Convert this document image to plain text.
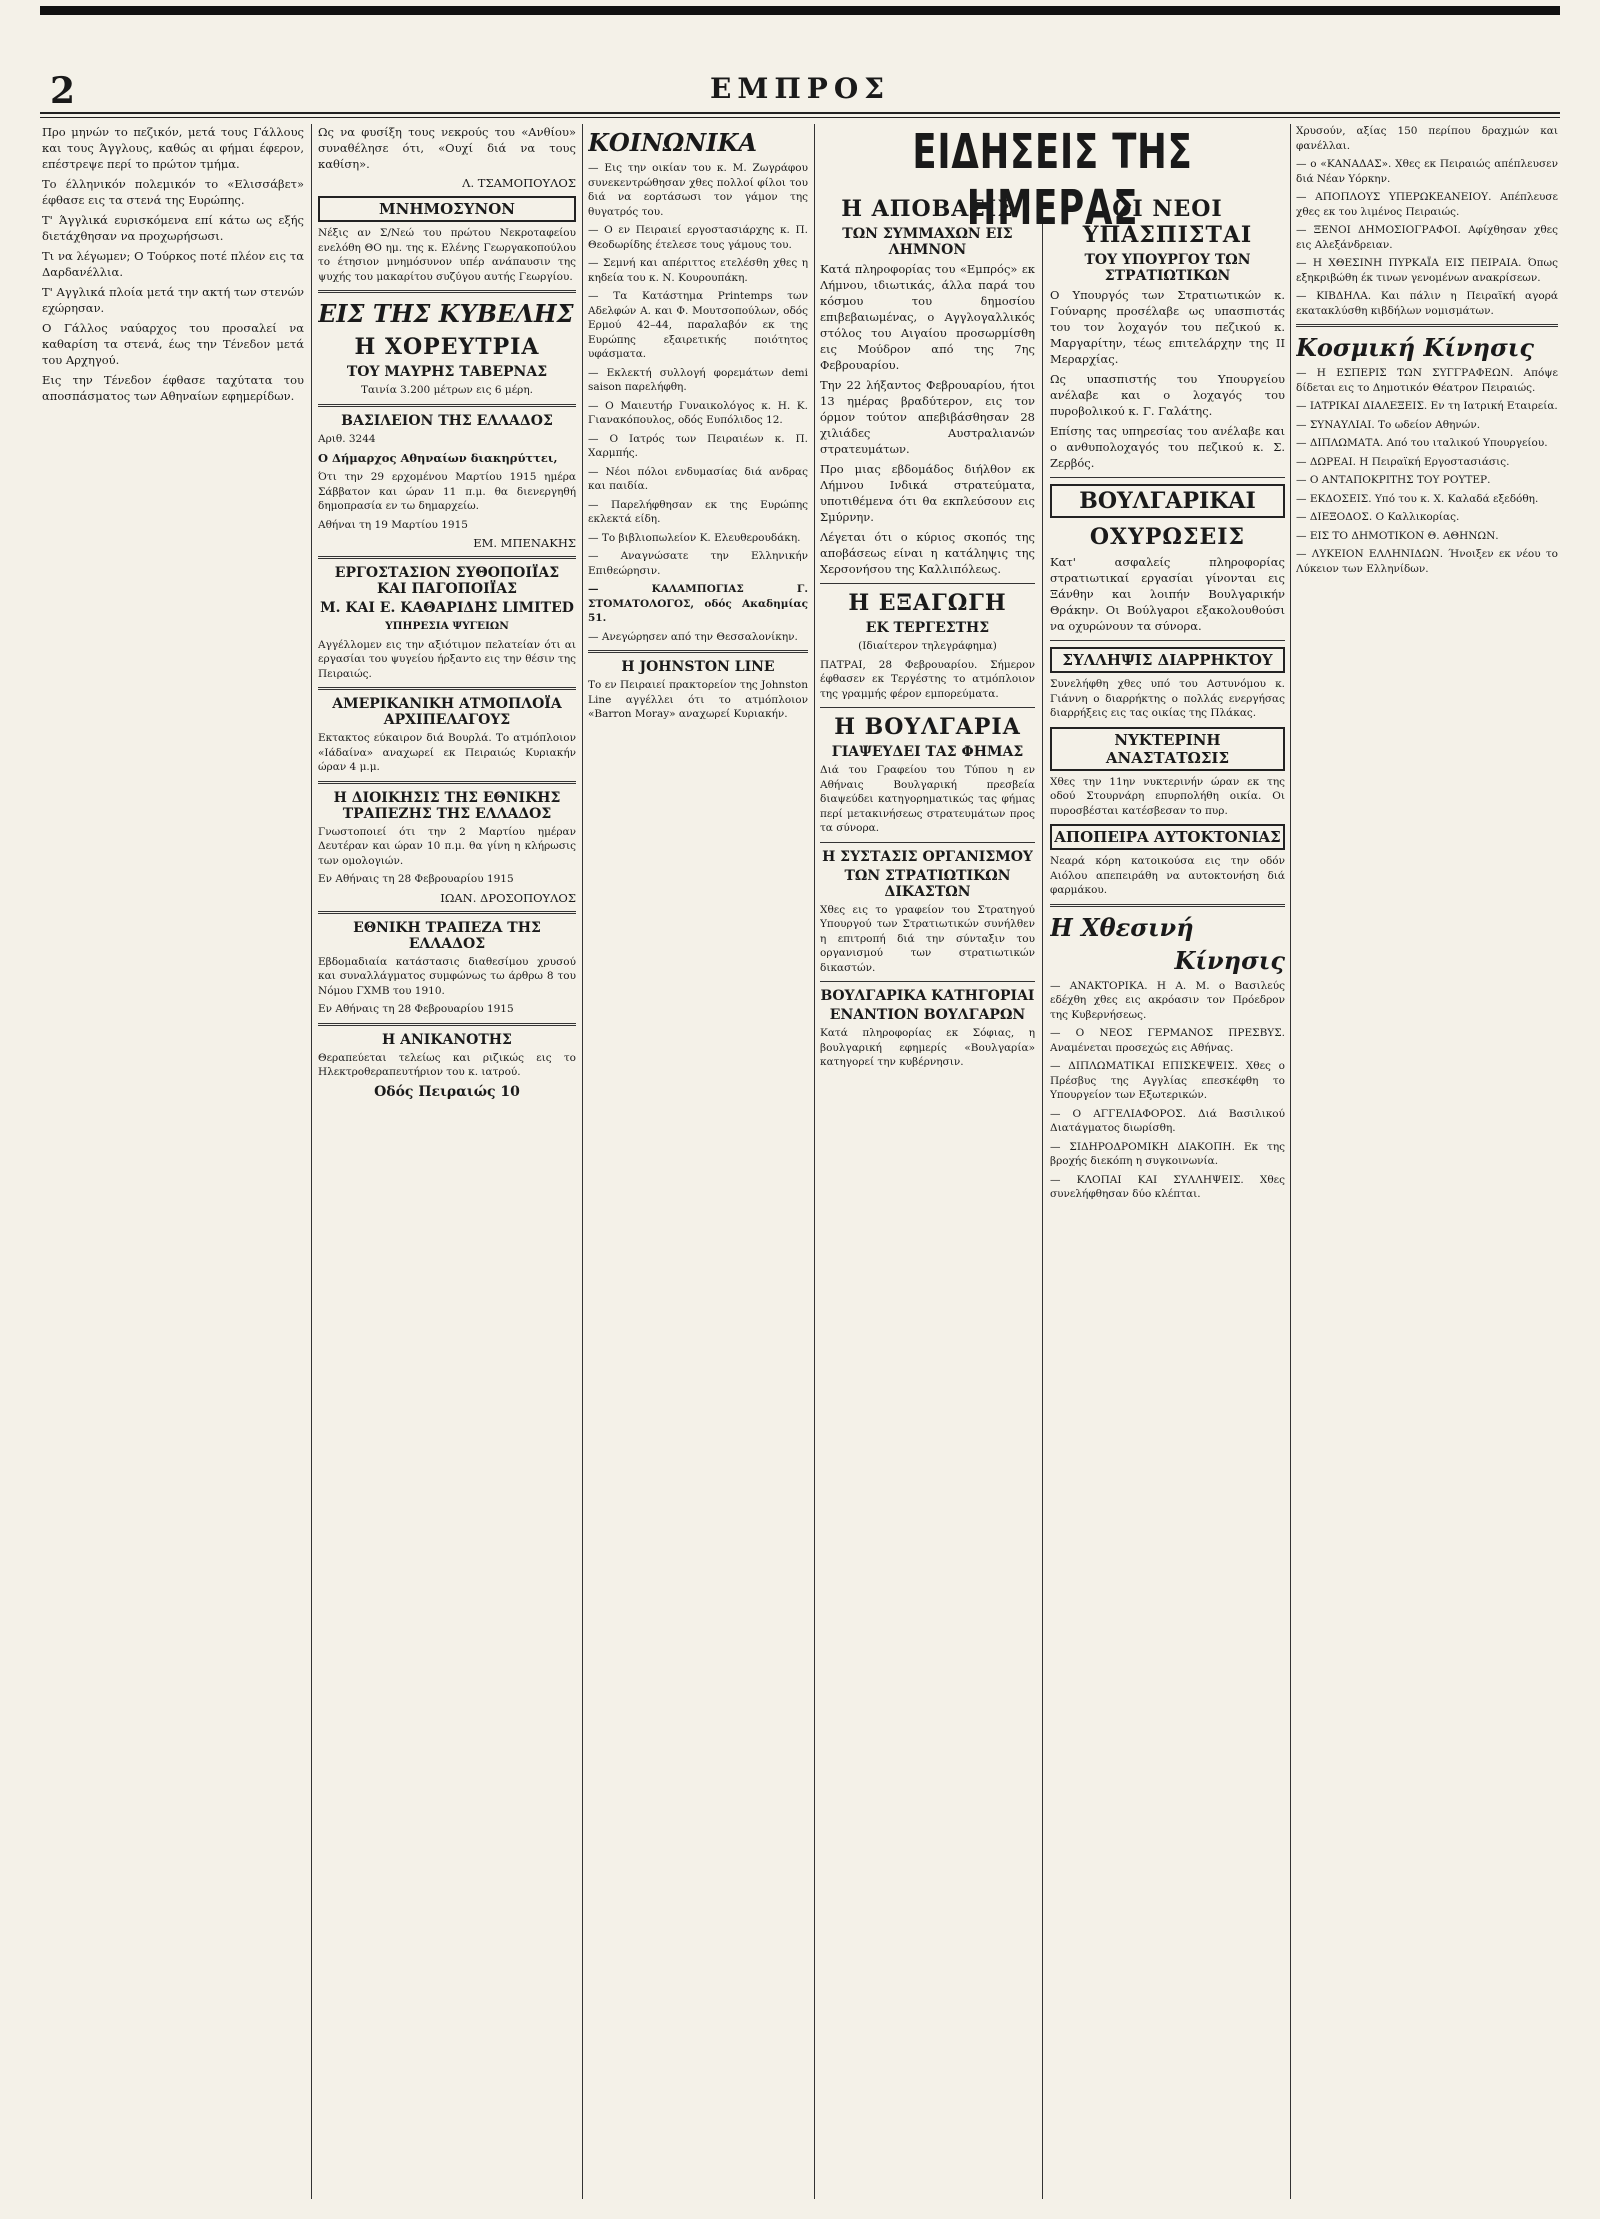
2	ΕΜΠΡΟΣ

Προ μηνών το πεζικόν, μετά τους Γάλλους και τους Άγγλους, καθώς αι φήμαι έφερον, επέστρεψε περί το πρώτον τμήμα.

Το έλληνικόν πολεμικόν το «Ελισσάβετ» έφθασε εις τα στενά της Ευρώπης.

Τ' Άγγλικά ευρισκόμενα επί κάτω ως εξής διετάχθησαν να προχωρήσωσι.

Τι να λέγωμεν; Ο Τούρκος ποτέ πλέον εις τα Δαρδανέλλια.

Τ' Αγγλικά πλοία μετά την ακτή των στενών εχώρησαν.

Ο Γάλλος ναύαρχος του προσαλεί να καθαρίση τα στενά, έως την Τένεδον μετά του Αρχηγού.

Εις την Τένεδον έφθασε ταχύτατα του αποσπάσματος των Αθηναίων εφημερίδων.

Ως να φυσίξη τους νεκρούς του «Ανθίου» συναθέλησε ότι, «Ουχί διά να τους καθίση».

Λ. ΤΣΑΜΟΠΟΥΛΟΣ
ΜΝΗΜΟΣΥΝΟΝ

Νέξις αν Σ/Νεώ του πρώτου Νεκροταφείου ενελόθη ΘΟ ημ. της κ. Ελένης Γεωργακοπούλου το έτησιον μνημόσυνον υπέρ ανάπαυσιν της ψυχής του μακαρίτου συζύγου αυτής Γεωργίου.

ΕΙΣ ΤΗΣ ΚΥΒΕΛΗΣ
Η ΧΟΡΕΥΤΡΙΑ
ΤΟΥ ΜΑΥΡΗΣ ΤΑΒΕΡΝΑΣ

Ταινία 3.200 μέτρων εις 6 μέρη.

ΒΑΣΙΛΕΙΟΝ ΤΗΣ ΕΛΛΑΔΟΣ

Αριθ. 3244

Ο Δήμαρχος Αθηναίων διακηρύττει,

Ότι την 29 ερχομένου Μαρτίου 1915 ημέρα Σάββατον και ώραν 11 π.μ. θα διενεργηθή δημοπρασία εν τω δημαρχείω.

Αθήναι τη 19 Μαρτίου 1915

ΕΜ. ΜΠΕΝΑΚΗΣ
ΕΡΓΟΣΤΑΣΙΟΝ ΣΥΘΟΠΟΙΪΑΣ ΚΑΙ ΠΑΓΟΠΟΙΪΑΣ
Μ. ΚΑΙ Ε. ΚΑΘΑΡΙΔΗΣ LIMITED
ΥΠΗΡΕΣΙΑ ΨΥΓΕΙΩΝ

Αγγέλλομεν εις την αξιότιμον πελατείαν ότι αι εργασίαι του ψυγείου ήρξαντο εις την θέσιν της Πειραιώς.

ΑΜΕΡΙΚΑΝΙΚΗ ΑΤΜΟΠΛΟΪΑ ΑΡΧΙΠΕΛΑΓΟΥΣ

Εκτακτος εύκαιρον διά Βουρλά. Το ατμόπλοιον «Ιάδαίνα» αναχωρεί εκ Πειραιώς Κυριακήν ώραν 4 μ.μ.

Η ΔΙΟΙΚΗΣΙΣ ΤΗΣ ΕΘΝΙΚΗΣ ΤΡΑΠΕΖΗΣ ΤΗΣ ΕΛΛΑΔΟΣ

Γνωστοποιεί ότι την 2 Μαρτίου ημέραν Δευτέραν και ώραν 10 π.μ. θα γίνη η κλήρωσις των ομολογιών.

Εν Αθήναις τη 28 Φεβρουαρίου 1915

ΙΩΑΝ. ΔΡΟΣΟΠΟΥΛΟΣ
ΕΘΝΙΚΗ ΤΡΑΠΕΖΑ ΤΗΣ ΕΛΛΑΔΟΣ

Εβδομαδιαία κατάστασις διαθεσίμου χρυσού και συναλλάγματος συμφώνως τω άρθρω 8 του Νόμου ΓΧΜΒ του 1910.

Εν Αθήναις τη 28 Φεβρουαρίου 1915

Η ΑΝΙΚΑΝΟΤΗΣ

Θεραπεύεται τελείως και ριζικώς εις το Ηλεκτροθεραπευτήριον του κ. ιατρού.

Οδός Πειραιώς 10
ΚΟΙΝΩΝΙΚΑ

— Εις την οικίαν του κ. Μ. Ζωγράφου συνεκεντρώθησαν χθες πολλοί φίλοι του διά να εορτάσωσι τον γάμον της θυγατρός του.

— Ο εν Πειραιεί εργοστασιάρχης κ. Π. Θεοδωρίδης έτελεσε τους γάμους του.

— Σεμνή και απέριττος ετελέσθη χθες η κηδεία του κ. Ν. Κουρουπάκη.

— Τα Κατάστημα Printemps των Αδελφών Α. και Φ. Μουτσοπούλων, οδός Ερμού 42–44, παραλαβόν εκ της Ευρώπης εξαιρετικής ποιότητος υφάσματα.

— Εκλεκτή συλλογή φορεμάτων demi saison παρελήφθη.

— Ο Μαιευτήρ Γυναικολόγος κ. Η. Κ. Γιανακόπουλος, οδός Ευπόλιδος 12.

— Ο Ιατρός των Πειραιέων κ. Π. Χαρμπής.

— Νέοι πόλοι ενδυμασίας διά ανδρας και παιδία.

— Παρελήφθησαν εκ της Ευρώπης εκλεκτά είδη.

— Το βιβλιοπωλείον Κ. Ελευθερουδάκη.

— Αναγνώσατε την Ελληνικήν Επιθεώρησιν.

— ΚΑΛΑΜΠΟΓΙΑΣ Γ. ΣΤΟΜΑΤΟΛΟΓΟΣ, οδός Ακαδημίας 51.

— Ανεγώρησεν από την Θεσσαλονίκην.

Η JOHNSTON LINE

Το εν Πειραιεί πρακτορείον της Johnston Line αγγέλλει ότι το ατμόπλοιον «Barron Moray» αναχωρεί Κυριακήν.

ΕΙΔΗΣΕΙΣ ΤΗΣ ΗΜΕΡΑΣ
Η ΑΠΟΒΑΣΙΣ
ΤΩΝ ΣΥΜΜΑΧΩΝ ΕΙΣ ΛΗΜΝΟΝ

Κατά πληροφορίας του «Εμπρός» εκ Λήμνου, ιδιωτικάς, άλλα παρά του κόσμου του δημοσίου επιβεβαιωμένας, ο Αγγλογαλλικός στόλος του Αιγαίου προσωρμίσθη εις Μούδρον από της 7ης Φεβρουαρίου.

Την 22 λήξαντος Φεβρουαρίου, ήτοι 13 ημέρας βραδύτερον, εις τον όρμον τούτον απεβιβάσθησαν 28 χιλιάδες Αυστραλιανών στρατευμάτων.

Προ μιας εβδομάδος διήλθον εκ Λήμνου Ινδικά στρατεύματα, υποτιθέμενα ότι θα εκπλεύσουν εις Σμύρνην.

Λέγεται ότι ο κύριος σκοπός της αποβάσεως είναι η κατάληψις της Χερσονήσου της Καλλιπόλεως.

Η ΕΞΑΓΩΓΗ
ΕΚ ΤΕΡΓΕΣΤΗΣ

(Ιδιαίτερον τηλεγράφημα)

ΠΑΤΡΑΙ, 28 Φεβρουαρίου. Σήμερον έφθασεν εκ Τεργέστης το ατμόπλοιον της γραμμής φέρον εμπορεύματα.

Η ΒΟΥΛΓΑΡΙΑ
ΓΙΑΨΕΥΔΕΙ ΤΑΣ ΦΗΜΑΣ

Διά του Γραφείου του Τύπου η εν Αθήναις Βουλγαρική πρεσβεία διαψεύδει κατηγορηματικώς τας φήμας περί μετακινήσεως στρατευμάτων προς τα σύνορα.

Η ΣΥΣΤΑΣΙΣ ΟΡΓΑΝΙΣΜΟΥ
ΤΩΝ ΣΤΡΑΤΙΩΤΙΚΩΝ ΔΙΚΑΣΤΩΝ

Χθες εις το γραφείον του Στρατηγού Υπουργού των Στρατιωτικών συνήλθεν η επιτροπή διά την σύνταξιν του οργανισμού των στρατιωτικών δικαστών.

ΒΟΥΛΓΑΡΙΚΑ ΚΑΤΗΓΟΡΙΑΙ
ΕΝΑΝΤΙΟΝ ΒΟΥΛΓΑΡΩΝ

Κατά πληροφορίας εκ Σόφιας, η βουλγαρική εφημερίς «Βουλγαρία» κατηγορεί την κυβέρνησιν.

ΟΙ ΝΕΟΙ ΥΠΑΣΠΙΣΤΑΙ
ΤΟΥ ΥΠΟΥΡΓΟΥ ΤΩΝ ΣΤΡΑΤΙΩΤΙΚΩΝ

Ο Υπουργός των Στρατιωτικών κ. Γούναρης προσέλαβε ως υπασπιστάς του τον λοχαγόν του πεζικού κ. Μαργαρίτην, τέως επιτελάρχην της ΙΙ Μεραρχίας.

Ως υπασπιστής του Υπουργείου ανέλαβε και ο λοχαγός του πυροβολικού κ. Γ. Γαλάτης.

Επίσης τας υπηρεσίας του ανέλαβε και ο ανθυπολοχαγός του πεζικού κ. Σ. Ζερβός.

ΒΟΥΛΓΑΡΙΚΑΙ
ΟΧΥΡΩΣΕΙΣ

Κατ' ασφαλείς πληροφορίας στρατιωτικαί εργασίαι γίνονται εις Ξάνθην και λοιπήν Βουλγαρικήν Θράκην. Οι Βούλγαροι εξακολουθούσι να οχυρώνουν τα σύνορα.

ΣΥΛΛΗΨΙΣ ΔΙΑΡΡΗΚΤΟΥ

Συνελήφθη χθες υπό του Αστυνόμου κ. Γιάννη ο διαρρήκτης ο πολλάς ενεργήσας διαρρήξεις εις τας οικίας της Πλάκας.

ΝΥΚΤΕΡΙΝΗ ΑΝΑΣΤΑΤΩΣΙΣ

Χθες την 11ην νυκτερινήν ώραν εκ της οδού Στουρνάρη επυρπολήθη οικία. Οι πυροσβέσται κατέσβεσαν το πυρ.

ΑΠΟΠΕΙΡΑ ΑΥΤΟΚΤΟΝΙΑΣ

Νεαρά κόρη κατοικούσα εις την οδόν Αιόλου απεπειράθη να αυτοκτονήση διά φαρμάκου.

Η Χθεσινή
Κίνησις

— ΑΝΑΚΤΟΡΙΚΑ. Η Α. Μ. ο Βασιλεύς εδέχθη χθες εις ακρόασιν τον Πρόεδρον της Κυβερνήσεως.

— Ο ΝΕΟΣ ΓΕΡΜΑΝΟΣ ΠΡΕΣΒΥΣ. Αναμένεται προσεχώς εις Αθήνας.

— ΔΙΠΛΩΜΑΤΙΚΑΙ ΕΠΙΣΚΕΨΕΙΣ. Χθες ο Πρέσβυς της Αγγλίας επεσκέφθη το Υπουργείον των Εξωτερικών.

— Ο ΑΓΓΕΛΙΑΦΟΡΟΣ. Διά Βασιλικού Διατάγματος διωρίσθη.

— ΣΙΔΗΡΟΔΡΟΜΙΚΗ ΔΙΑΚΟΠΗ. Εκ της βροχής διεκόπη η συγκοινωνία.

— ΚΛΟΠΑΙ ΚΑΙ ΣΥΛΛΗΨΕΙΣ. Χθες συνελήφθησαν δύο κλέπται.

Χρυσούν, αξίας 150 περίπου δραχμών και φανέλλαι.

— ο «ΚΑΝΑΔΑΣ». Χθες εκ Πειραιώς απέπλευσεν διά Νέαν Υόρκην.

— ΑΠΟΠΛΟΥΣ ΥΠΕΡΩΚΕΑΝΕΙΟΥ. Απέπλευσε χθες εκ του λιμένος Πειραιώς.

— ΞΕΝΟΙ ΔΗΜΟΣΙΟΓΡΑΦΟΙ. Αφίχθησαν χθες εις Αλεξάνδρειαν.

— Η ΧΘΕΣΙΝΗ ΠΥΡΚΑΪΑ ΕΙΣ ΠΕΙΡΑΙΑ. Όπως εξηκριβώθη έκ τινων γενομένων ανακρίσεων.

— ΚΙΒΔΗΛΑ. Και πάλιν η Πειραϊκή αγορά εκατακλύσθη κιβδήλων νομισμάτων.

Κοσμική Κίνησις

— Η ΕΣΠΕΡΙΣ ΤΩΝ ΣΥΓΓΡΑΦΕΩΝ. Απόψε δίδεται εις το Δημοτικόν Θέατρον Πειραιώς.

— ΙΑΤΡΙΚΑΙ ΔΙΑΛΕΞΕΙΣ. Εν τη Ιατρική Εταιρεία.

— ΣΥΝΑΥΛΙΑΙ. Το ωδείον Αθηνών.

— ΔΙΠΛΩΜΑΤΑ. Από του ιταλικού Υπουργείου.

— ΔΩΡΕΑΙ. Η Πειραϊκή Εργοστασιάσις.

— Ο ΑΝΤΑΠΟΚΡΙΤΗΣ ΤΟΥ ΡΟΥΤΕΡ.

— ΕΚΔΟΣΕΙΣ. Υπό του κ. Χ. Καλαδά εξεδόθη.

— ΔΙΕΞΟΔΟΣ. Ο Καλλικορίας.

— ΕΙΣ ΤΟ ΔΗΜΟΤΙΚΟΝ Θ. ΑΘΗΝΩΝ.

— ΛΥΚΕΙΟΝ ΕΛΛΗΝΙΔΩΝ. Ήνοιξεν εκ νέου το Λύκειον των Ελληνίδων.
